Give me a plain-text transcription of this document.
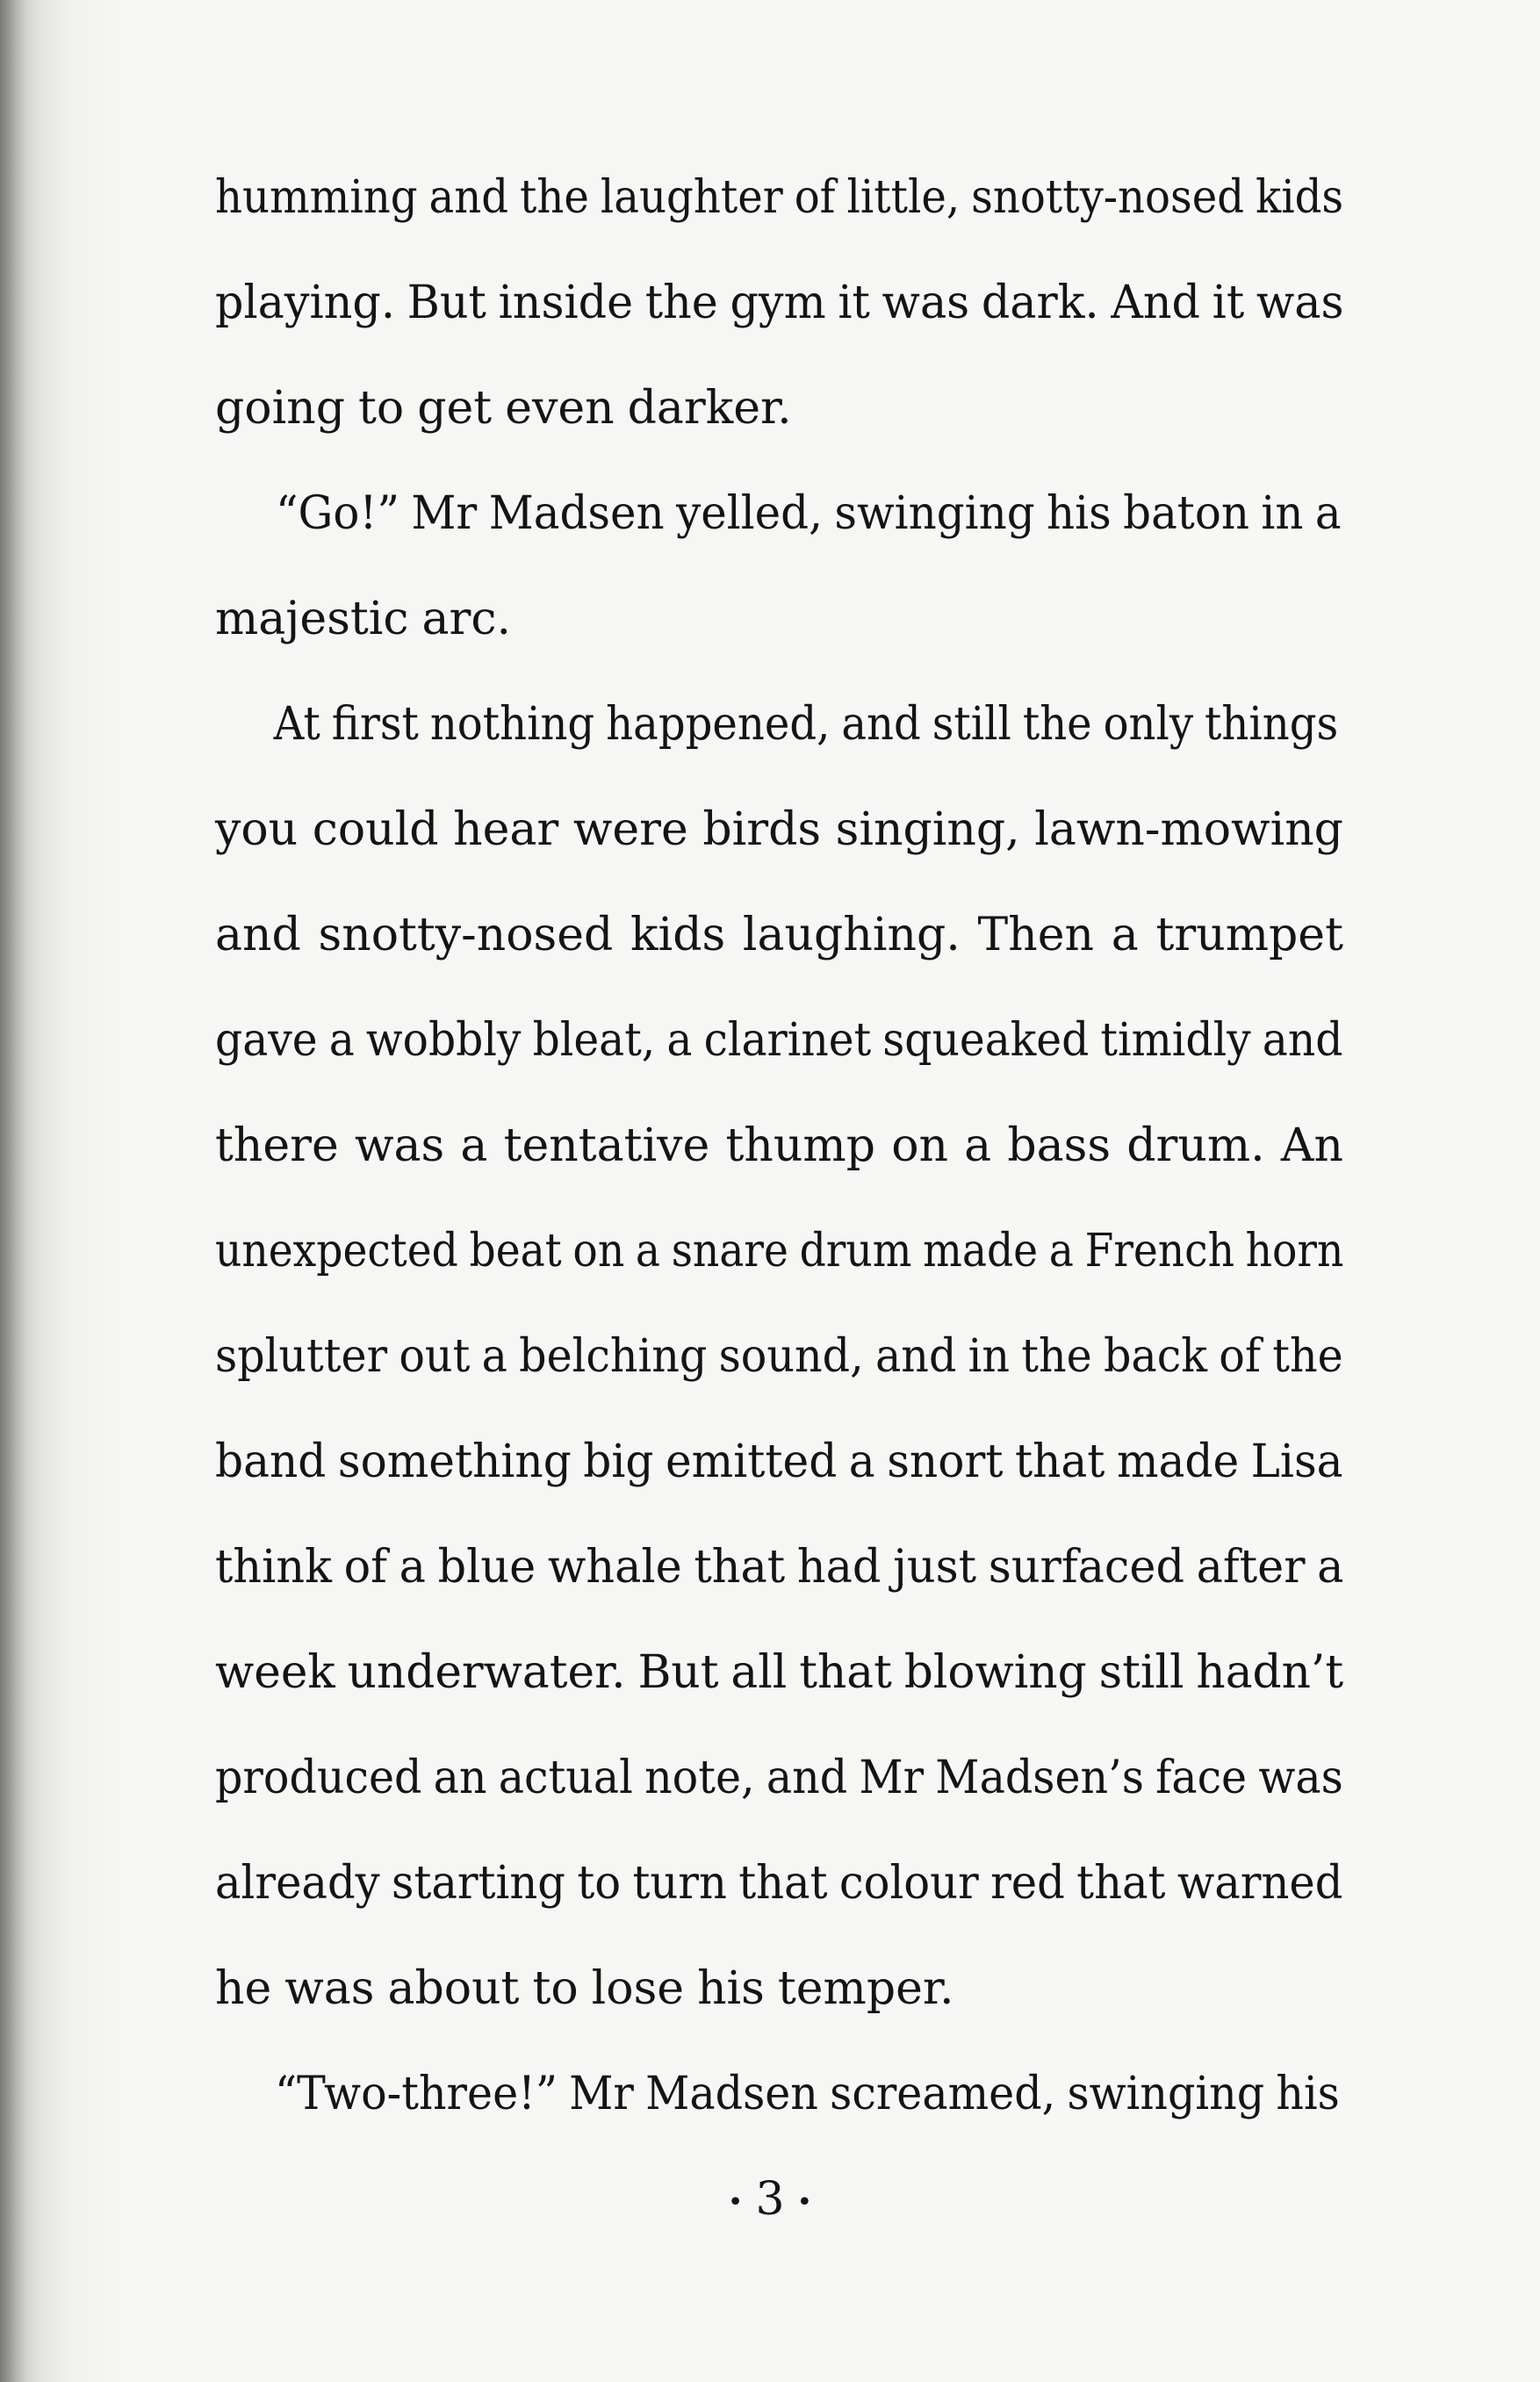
humming and the laughter of little, snotty-nosed kids
playing. But inside the gym it was dark. And it was
going to get even darker.
“Go!” Mr Madsen yelled, swinging his baton in a
majestic arc.
At first nothing happened, and still the only things
you could hear were birds singing, lawn-mowing
and snotty-nosed kids laughing. Then a trumpet
gave a wobbly bleat, a clarinet squeaked timidly and
there was a tentative thump on a bass drum. An
unexpected beat on a snare drum made a French horn
splutter out a belching sound, and in the back of the
band something big emitted a snort that made Lisa
think of a blue whale that had just surfaced after a
week underwater. But all that blowing still hadn’t
produced an actual note, and Mr Madsen’s face was
already starting to turn that colour red that warned
he was about to lose his temper.
“Two-three!” Mr Madsen screamed, swinging his
• 3 •
